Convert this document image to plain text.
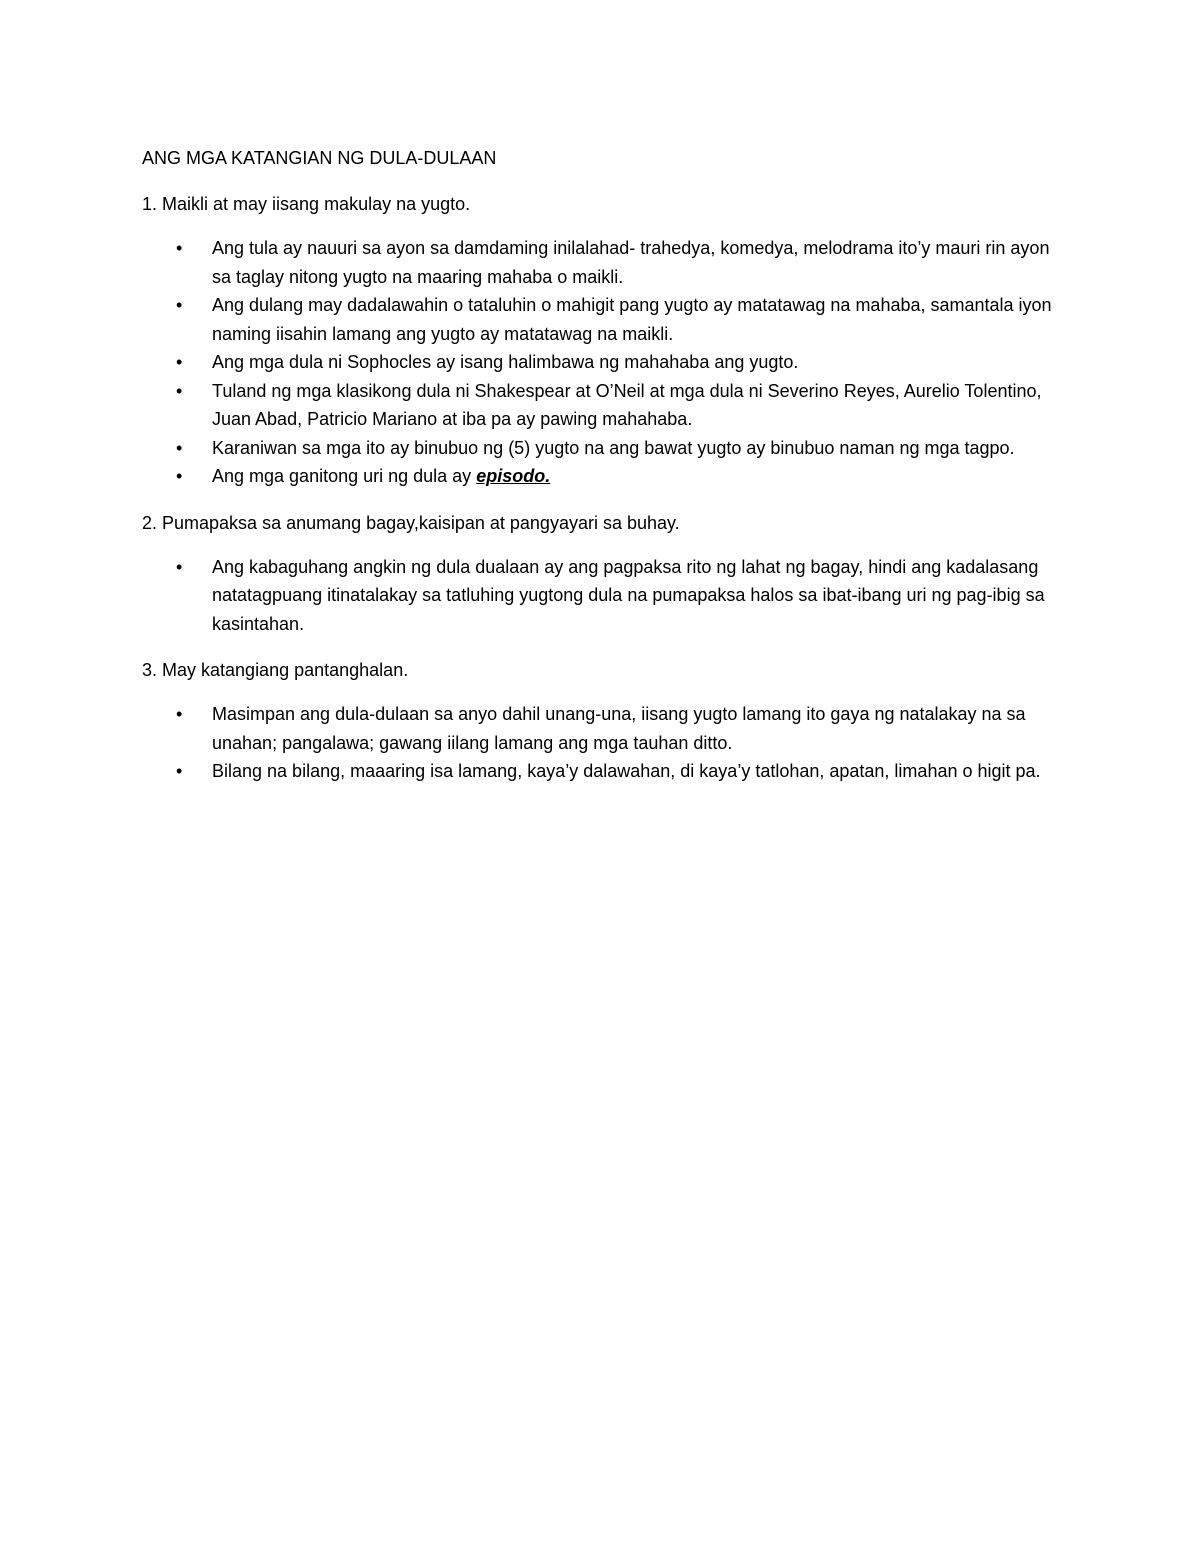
ANG MGA KATANGIAN NG DULA-DULAAN

1. Maikli at may iisang makulay na yugto.

• Ang tula ay nauuri sa ayon sa damdaming inilalahad- trahedya, komedya, melodrama ito’y mauri rin ayon sa taglay nitong yugto na maaring mahaba o maikli.
• Ang dulang may dadalawahin o tataluhin o mahigit pang yugto ay matatawag na mahaba, samantala iyon naming iisahin lamang ang yugto ay matatawag na maikli.
• Ang mga dula ni Sophocles ay isang halimbawa ng mahahaba ang yugto.
• Tuland ng mga klasikong dula ni Shakespear at O’Neil at mga dula ni Severino Reyes, Aurelio Tolentino, Juan Abad, Patricio Mariano at iba pa ay pawing mahahaba.
• Karaniwan sa mga ito ay binubuo ng (5) yugto na ang bawat yugto ay binubuo naman ng mga tagpo.
• Ang mga ganitong uri ng dula ay episodo.

2. Pumapaksa sa anumang bagay,kaisipan at pangyayari sa buhay.

• Ang kabaguhang angkin ng dula dualaan ay ang pagpaksa rito ng lahat ng bagay, hindi ang kadalasang natatagpuang itinatalakay sa tatluhing yugtong dula na pumapaksa halos sa ibat-ibang uri ng pag-ibig sa kasintahan.

3. May katangiang pantanghalan.

• Masimpan ang dula-dulaan sa anyo dahil unang-una, iisang yugto lamang ito gaya ng natalakay na sa unahan; pangalawa; gawang iilang lamang ang mga tauhan ditto.
• Bilang na bilang, maaaring isa lamang, kaya’y dalawahan, di kaya’y tatlohan, apatan, limahan o higit pa.
